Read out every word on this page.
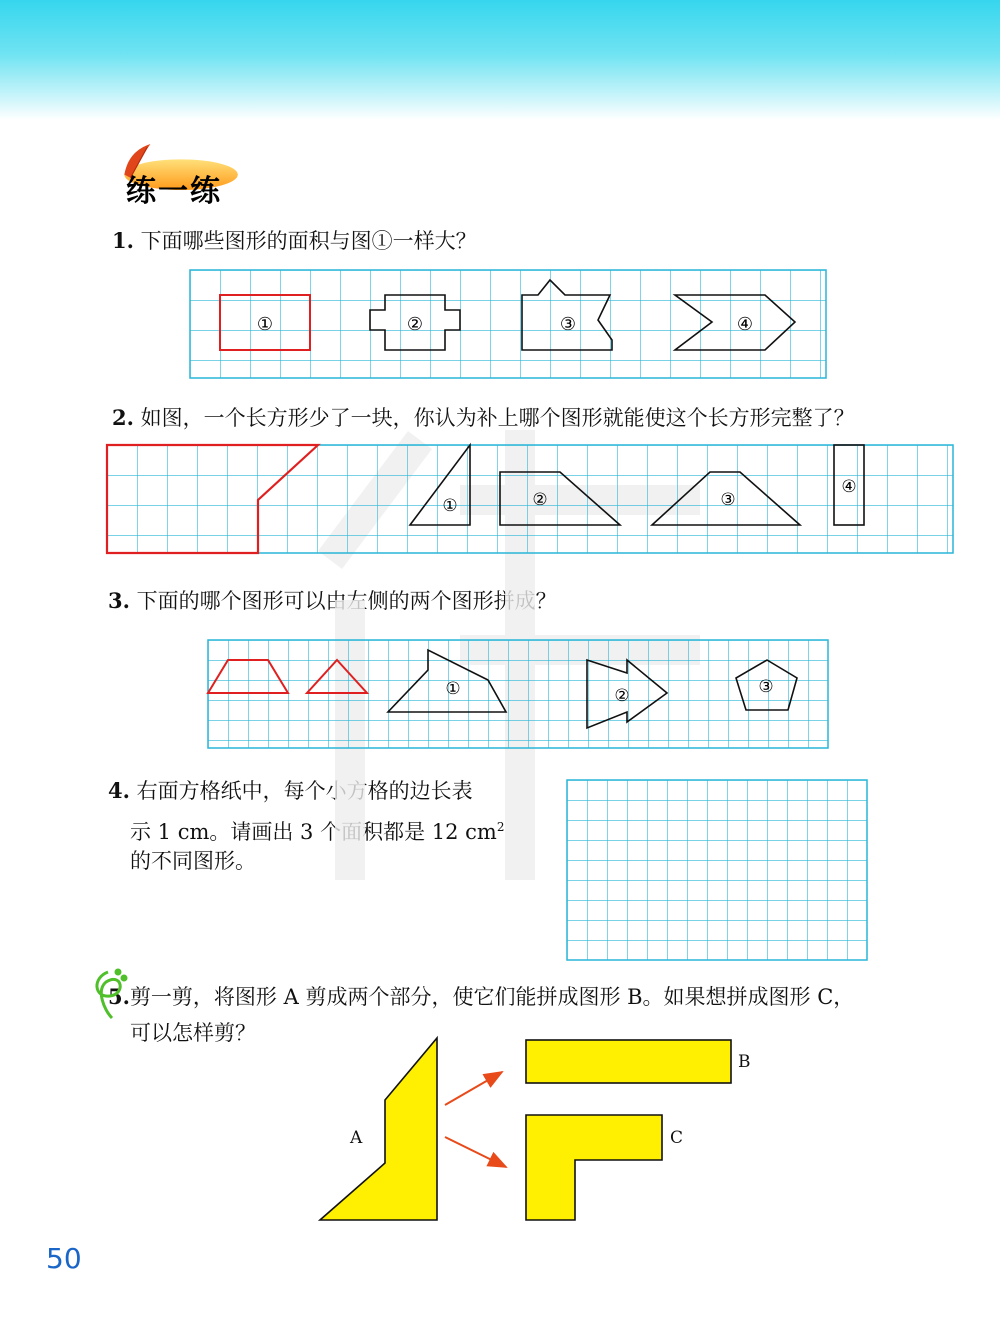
练一练
1. 下面哪些图形的面积与图①一样大？
2. 如图，一个长方形少了一块，你认为补上哪个图形就能使这个长方形完整了？
3. 下面的哪个图形可以由左侧的两个图形拼成？
4. 右面方格纸中，每个小方格的边长表
示 1 cm。请画出 3 个面积都是 12 $cm^2$
的不同图形。
5.剪一剪，将图形 A 剪成两个部分，使它们能拼成图形 B。如果想拼成图形 C，
可以怎样剪？
①	②	③	④
①	②	③
④
①	②	③
A
B
C
50
